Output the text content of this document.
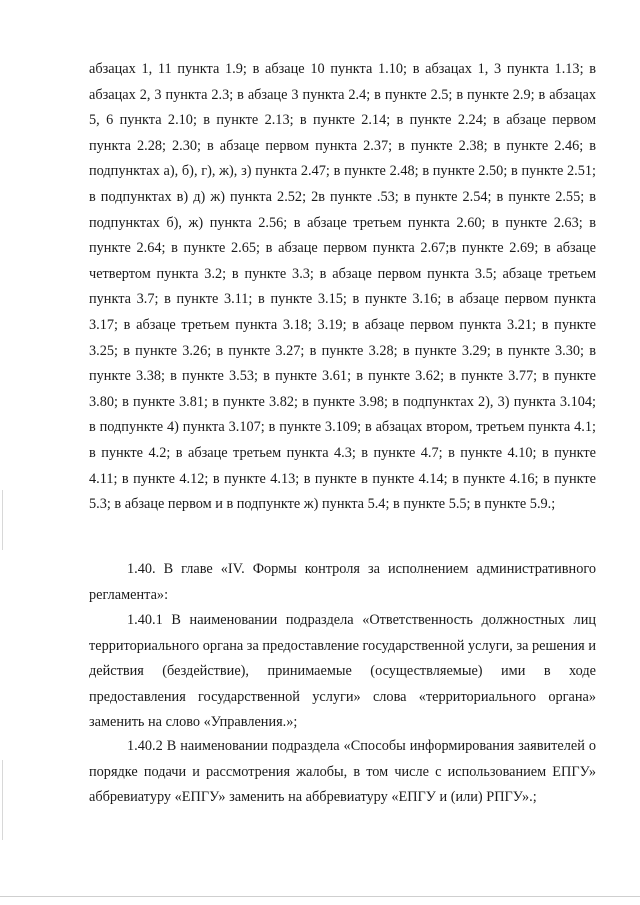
абзацах 1, 11 пункта 1.9; в абзаце 10 пункта 1.10; в абзацах 1, 3 пункта 1.13; в абзацах 2, 3 пункта 2.3; в абзаце 3 пункта 2.4; в пункте 2.5; в пункте 2.9; в абзацах 5, 6 пункта 2.10; в пункте 2.13; в пункте 2.14; в пункте 2.24; в абзаце первом пункта 2.28; 2.30; в абзаце первом пункта 2.37; в пункте 2.38; в пункте 2.46; в подпунктах а), б), г), ж), з) пункта 2.47; в пункте 2.48; в пункте 2.50; в пункте 2.51; в подпунктах в) д) ж) пункта 2.52; 2в пункте .53; в пункте 2.54; в пункте 2.55; в подпунктах б), ж) пункта 2.56; в абзаце третьем пункта 2.60; в пункте 2.63; в пункте 2.64; в пункте 2.65; в абзаце первом пункта 2.67;в пункте 2.69; в абзаце четвертом пункта 3.2; в пункте 3.3; в абзаце первом пункта 3.5; абзаце третьем пункта 3.7; в пункте 3.11; в пункте 3.15; в пункте 3.16; в абзаце первом пункта 3.17; в абзаце третьем пункта 3.18; 3.19; в абзаце первом пункта 3.21; в пункте 3.25; в пункте 3.26; в пункте 3.27; в пункте 3.28; в пункте 3.29; в пункте 3.30; в пункте 3.38; в пункте 3.53; в пункте 3.61; в пункте 3.62; в пункте 3.77; в пункте 3.80; в пункте 3.81; в пункте 3.82; в пункте 3.98; в подпунктах 2), 3) пункта 3.104; в подпункте 4) пункта 3.107; в пункте 3.109; в абзацах втором, третьем пункта 4.1; в пункте 4.2; в абзаце третьем пункта 4.3; в пункте 4.7; в пункте 4.10; в пункте 4.11; в пункте 4.12; в пункте 4.13; в пункте в пункте 4.14; в пункте 4.16; в пункте 5.3; в абзаце первом и в подпункте ж) пункта 5.4; в пункте 5.5; в пункте 5.9.;

1.40. В главе «IV. Формы контроля за исполнением административного регламента»:

1.40.1 В наименовании подраздела «Ответственность должностных лиц территориального органа за предоставление государственной услуги, за решения и действия (бездействие), принимаемые (осуществляемые) ими в ходе предоставления государственной услуги» слова «территориального органа» заменить на слово «Управления.»;

1.40.2 В наименовании подраздела «Способы информирования заявителей о порядке подачи и рассмотрения жалобы, в том числе с использованием ЕПГУ» аббревиатуру «ЕПГУ» заменить на аббревиатуру «ЕПГУ и (или) РПГУ».;
